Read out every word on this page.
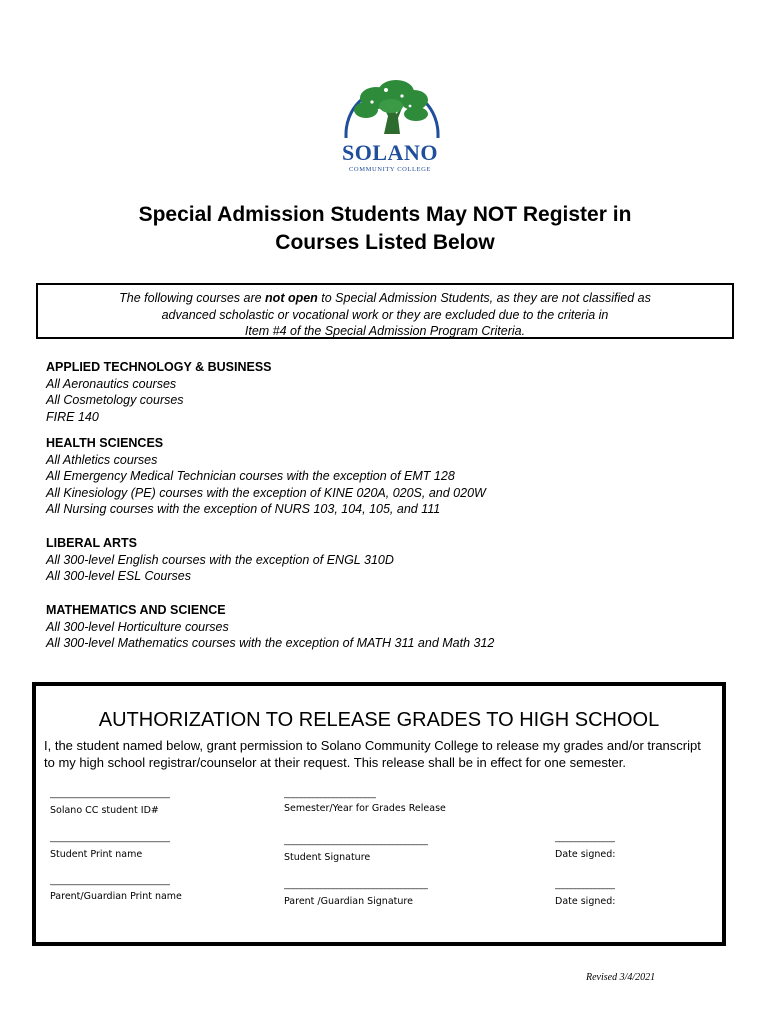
SOLANO
COMMUNITY COLLEGE
Special Admission Students May NOT Register in
Courses Listed Below
The following courses are not open to Special Admission Students, as they are not classified as
advanced scholastic or vocational work or they are excluded due to the criteria in
Item #4 of the Special Admission Program Criteria.
APPLIED TECHNOLOGY & BUSINESS
All Aeronautics courses
All Cosmetology courses
FIRE 140
HEALTH SCIENCES
All Athletics courses
All Emergency Medical Technician courses with the exception of EMT 128
All Kinesiology (PE) courses with the exception of KINE 020A, 020S, and 020W
All Nursing courses with the exception of NURS 103, 104, 105, and 111
LIBERAL ARTS
All 300-level English courses with the exception of ENGL 310D
All 300-level ESL Courses
MATHEMATICS AND SCIENCE
All 300-level Horticulture courses
All 300-level Mathematics courses with the exception of MATH 311 and Math 312
AUTHORIZATION TO RELEASE GRADES TO HIGH SCHOOL
I, the student named below, grant permission to Solano Community College to release my grades and/or transcript to my high school registrar/counselor at their request. This release shall be in effect for one semester.
______________________________
Solano CC student ID#
_______________________
Semester/Year for Grades Release
______________________________
Student Print name
____________________________________
Student Signature
_______________
Date signed:
______________________________
Parent/Guardian Print name
____________________________________
Parent /Guardian Signature
_______________
Date signed:
Revised 3/4/2021
